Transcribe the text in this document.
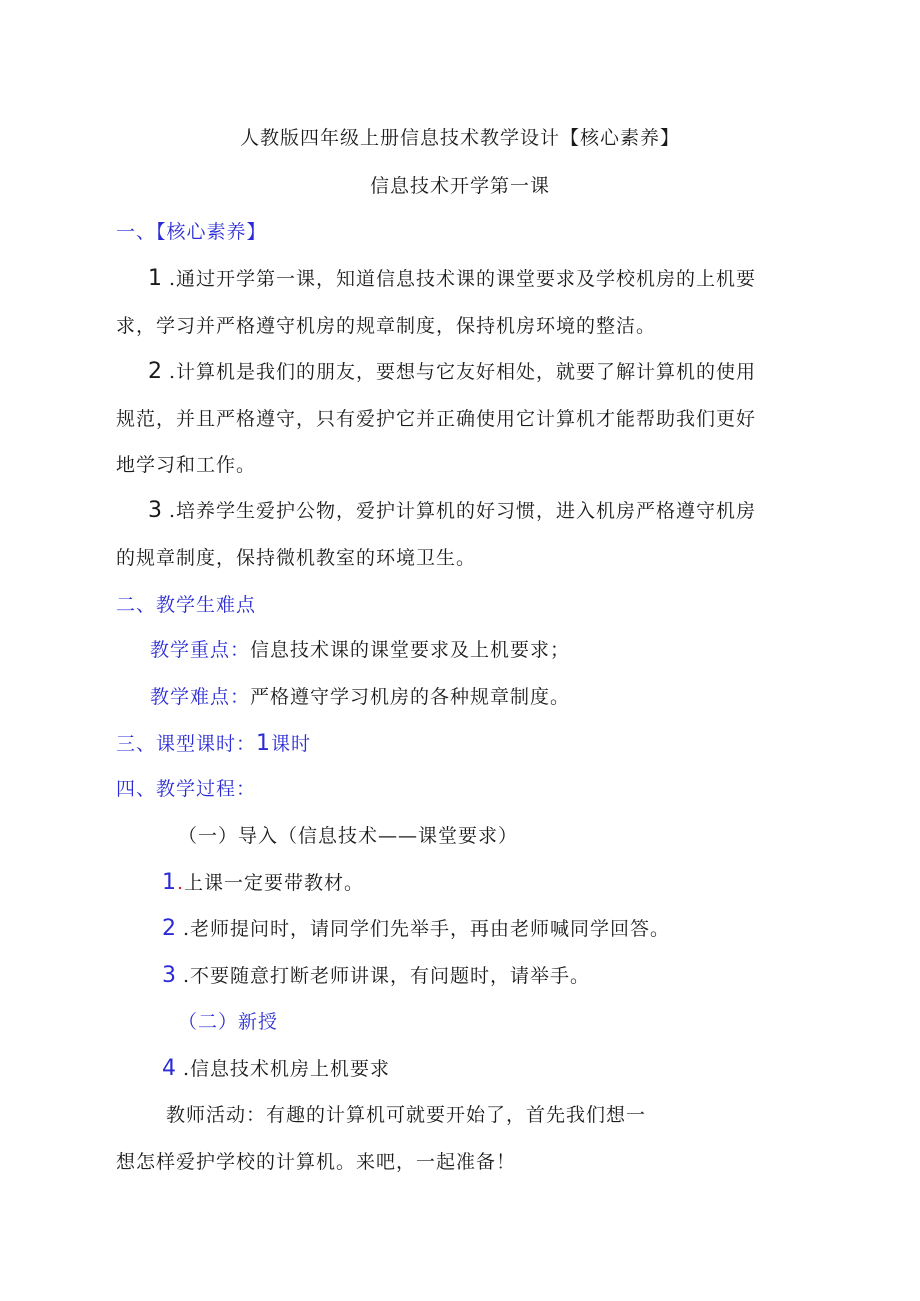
人教版四年级上册信息技术教学设计【核心素养】
信息技术开学第一课
一、【核心素养】
1 .通过开学第一课，知道信息技术课的课堂要求及学校机房的上机要
求，学习并严格遵守机房的规章制度，保持机房环境的整洁。
2 .计算机是我们的朋友，要想与它友好相处，就要了解计算机的使用
规范，并且严格遵守，只有爱护它并正确使用它计算机才能帮助我们更好
地学习和工作。
3 .培养学生爱护公物，爱护计算机的好习惯，进入机房严格遵守机房
的规章制度，保持微机教室的环境卫生。
二、教学生难点
教学重点：信息技术课的课堂要求及上机要求；
教学难点：严格遵守学习机房的各种规章制度。
三、课型课时：1课时
四、教学过程：
（一）导入（信息技术——课堂要求）
1.上课一定要带教材。
2 .老师提问时，请同学们先举手，再由老师喊同学回答。
3 .不要随意打断老师讲课，有问题时，请举手。
（二）新授
4 .信息技术机房上机要求
教师活动：有趣的计算机可就要开始了，首先我们想一
想怎样爱护学校的计算机。来吧，一起准备！
